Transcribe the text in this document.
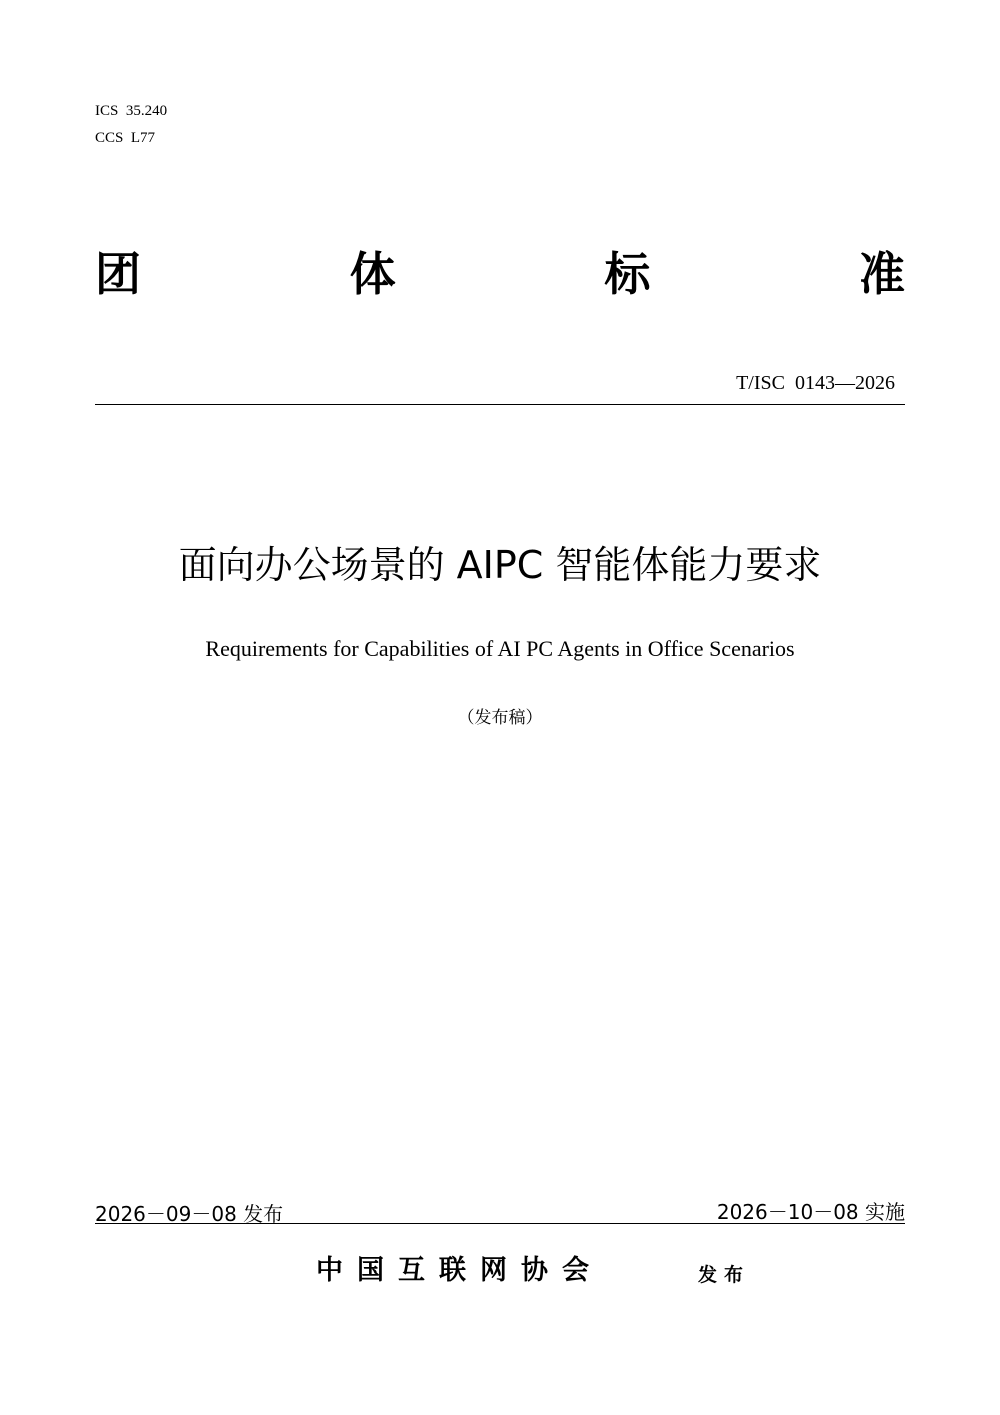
ICS  35.240
CCS  L77
团	体	标	准
T/ISC  0143—2026
面向办公场景的 AIPC 智能体能力要求
Requirements for Capabilities of AI PC Agents in Office Scenarios
（发布稿）
2026－09－08 发布	2026－10－08 实施
中国互联网协会	发布
